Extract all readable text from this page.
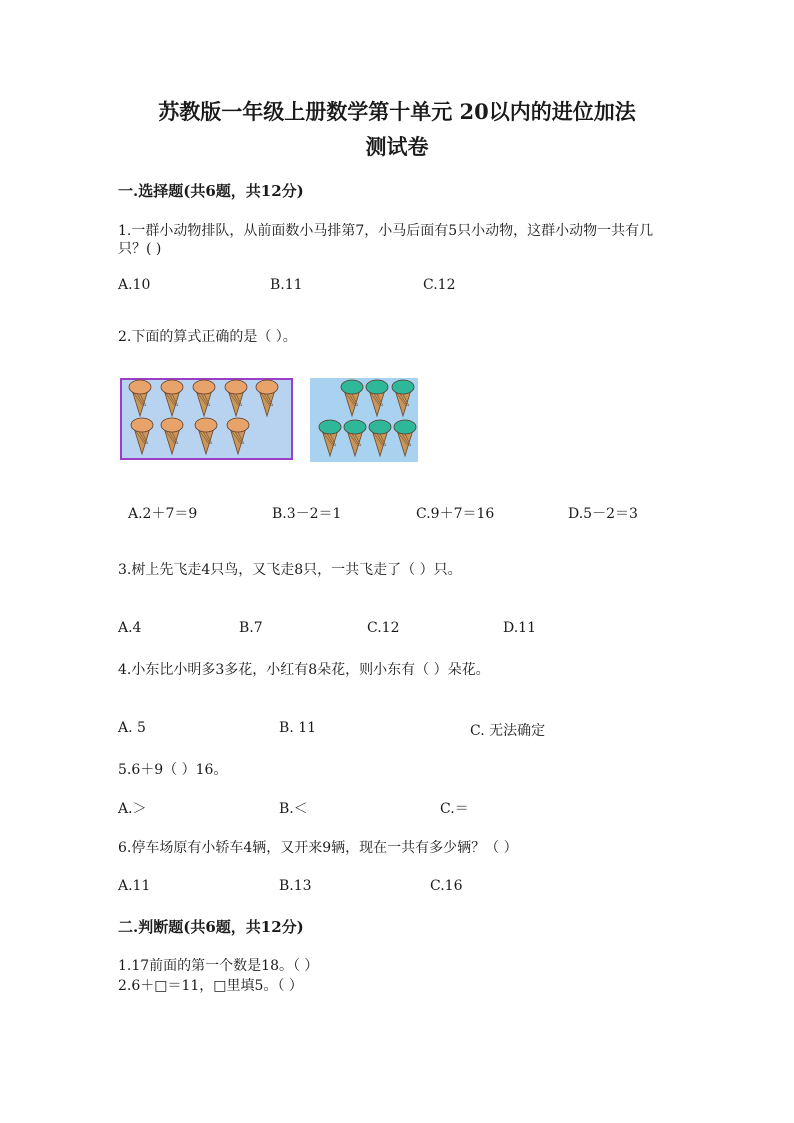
苏教版一年级上册数学第十单元 20以内的进位加法
测试卷
一.选择题(共6题，共12分)
1.一群小动物排队，从前面数小马排第7，小马后面有5只小动物，这群小动物一共有几
只？( )
A.10	B.11	C.12
2.下面的算式正确的是（ ）。
A.2＋7＝9	B.3－2＝1	C.9＋7＝16	D.5－2＝3
3.树上先飞走4只鸟，又飞走8只，一共飞走了（ ）只。
A.4	B.7	C.12	D.11
4.小东比小明多3多花，小红有8朵花，则小东有（ ）朵花。
A. 5	B. 11	C. 无法确定
5.6＋9（ ）16。
A.＞	B.＜	C.＝
6.停车场原有小轿车4辆，又开来9辆，现在一共有多少辆？（ ）
A.11	B.13	C.16
二.判断题(共6题，共12分)
1.17前面的第一个数是18。（ ）
2.6＋□＝11，□里填5。（ ）
